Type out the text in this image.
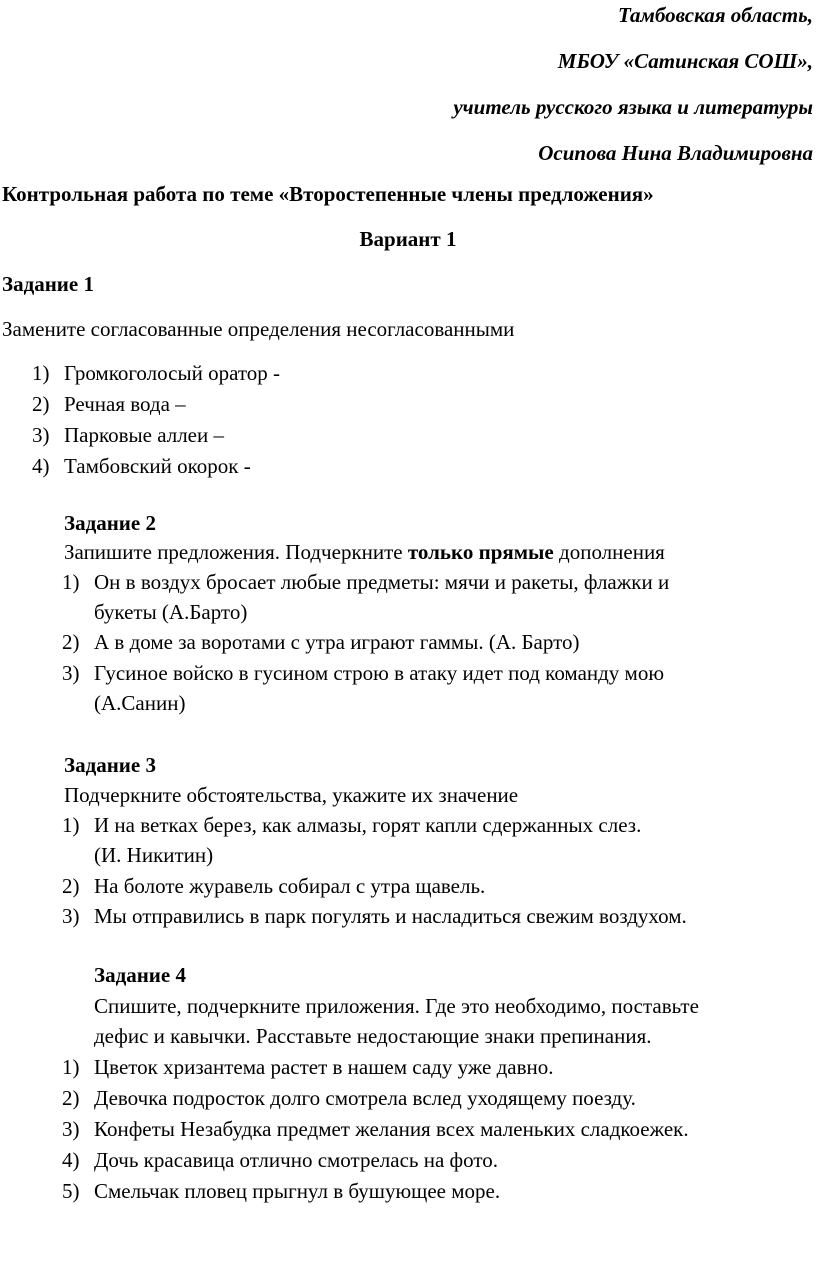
Тамбовская область,
МБОУ «Сатинская СОШ»,
учитель русского языка и литературы
Осипова Нина Владимировна
Контрольная работа по теме «Второстепенные члены предложения»
Вариант 1
Задание 1
Замените согласованные определения несогласованными
1) Громкоголосый оратор -
2) Речная вода –
3) Парковые аллеи –
4) Тамбовский окорок -
Задание 2
Запишите предложения. Подчеркните только прямые дополнения
1) Он в воздух бросает любые предметы: мячи и ракеты, флажки и
букеты (А.Барто)
2) А в доме за воротами с утра играют гаммы. (А. Барто)
3) Гусиное войско в гусином строю в атаку идет под команду мою
(А.Санин)
Задание 3
Подчеркните обстоятельства, укажите их значение
1) И на ветках берез, как алмазы, горят капли сдержанных слез.
(И. Никитин)
2) На болоте журавель собирал с утра щавель.
3) Мы отправились в парк погулять и насладиться свежим воздухом.
Задание 4
Спишите, подчеркните приложения. Где это необходимо, поставьте
дефис и кавычки. Расставьте недостающие знаки препинания.
1) Цветок хризантема растет в нашем саду уже давно.
2) Девочка подросток долго смотрела вслед уходящему поезду.
3) Конфеты Незабудка предмет желания всех маленьких сладкоежек.
4) Дочь красавица отлично смотрелась на фото.
5) Смельчак пловец прыгнул в бушующее море.
